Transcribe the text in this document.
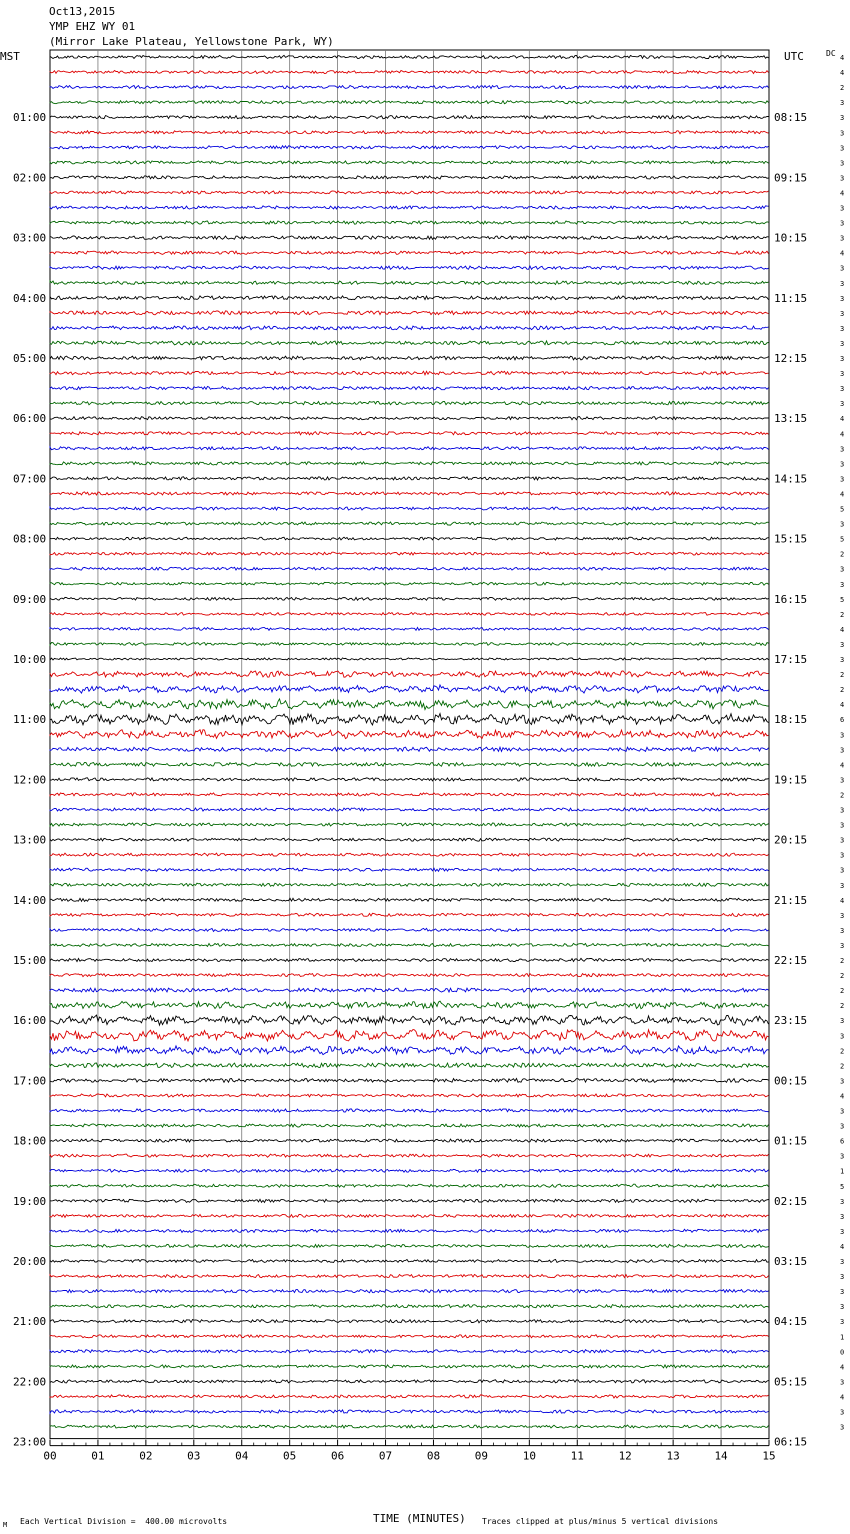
Oct13,2015
YMP EHZ WY 01
(Mirror Lake Plateau, Yellowstone Park, WY)
MST	UTC	DC 4
4
2
3
3
3
3
3
3
4
3
3
3
4
3
3
3
3
3
3
3
3
3
3
4
4
3
3
3
4
5
3
5
2
3
3
5
2
4
3
3
2
2
4
6
3
3
4
3
2
3
3
3
3
3
3
4
3
3
3
2
2
2
2
3
3
2
2
3
4
3
3
6
3
1
5
3
3
3
4
3
3
3
3
3
1
0
4
3
4
3
3
01:00
02:00
03:00
04:00
05:00
06:00
07:00
08:00
09:00
10:00
11:00
12:00
13:00
14:00
15:00
16:00
17:00
18:00
19:00
20:00
21:00
22:00
23:00
08:15
09:15
10:15
11:15
12:15
13:15
14:15
15:15
16:15
17:15
18:15
19:15
20:15
21:15
22:15
23:15
00:15
01:15
02:15
03:15
04:15
05:15
06:15
00	01	02	03	04	05	06	07	08	09	10	11	12	13	14	15
M Each Vertical Division =  400.00 microvolts	TIME (MINUTES) Traces clipped at plus/minus 5 vertical divisions
